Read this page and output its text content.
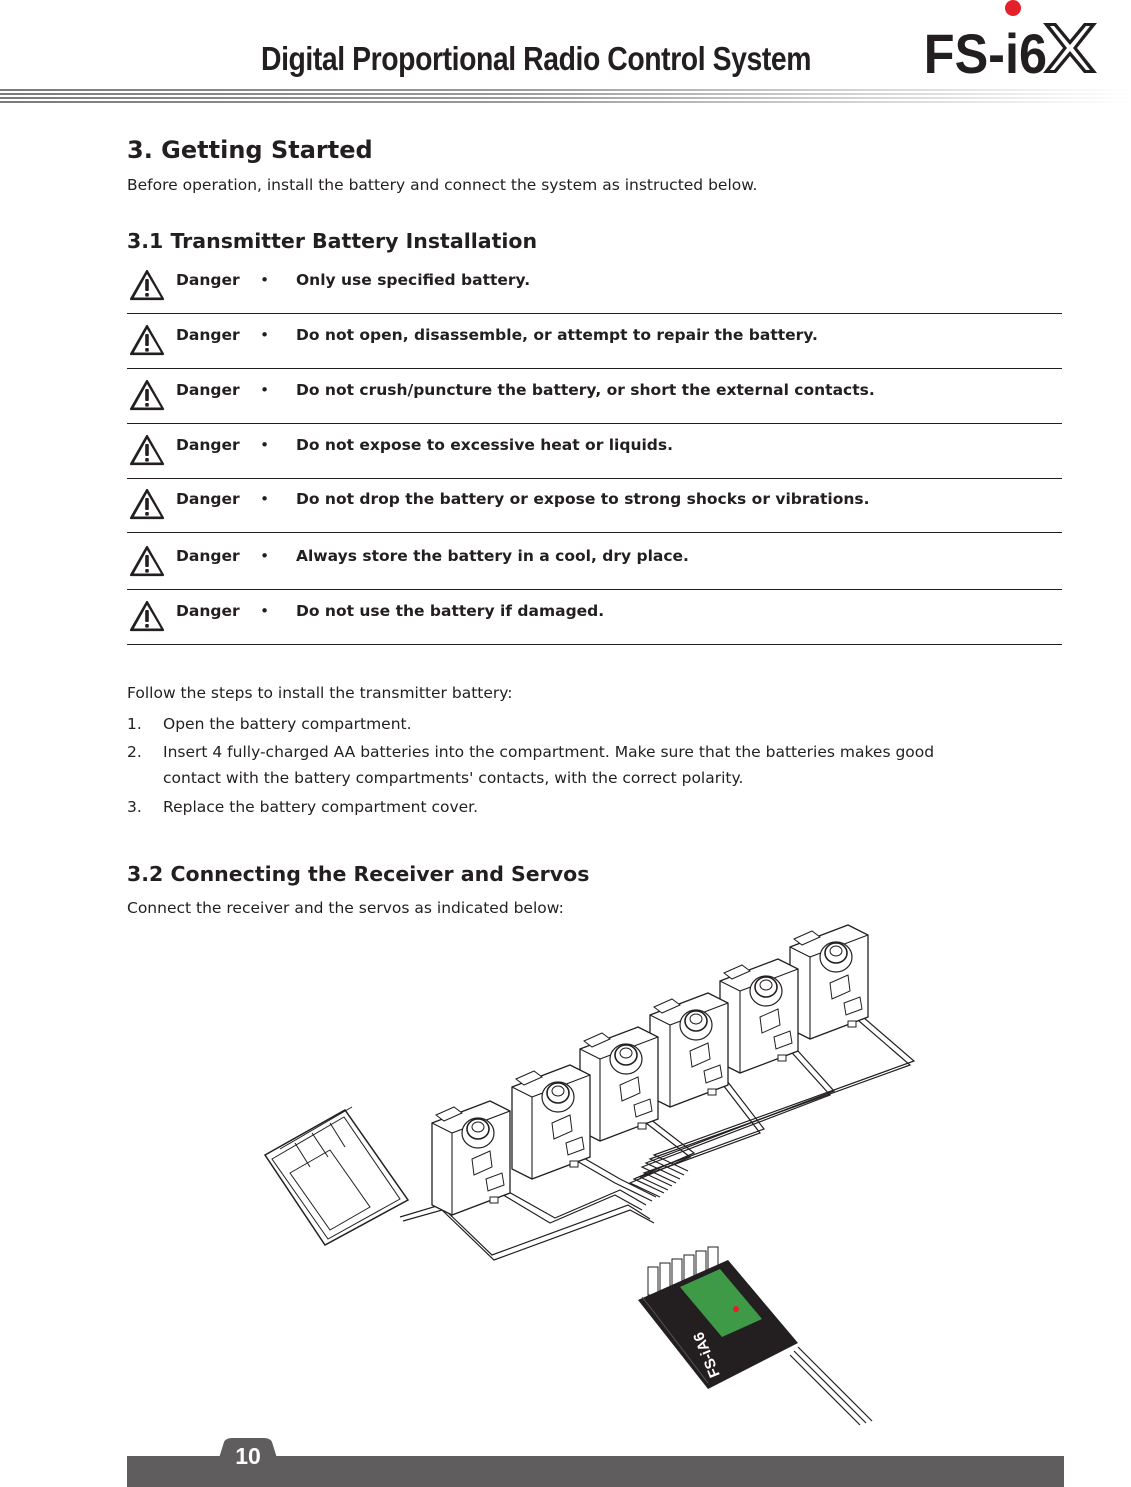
Digital Proportional Radio Control System FS-i6
3. Getting Started

Before operation, install the battery and connect the system as instructed below.

3.1 Transmitter Battery Installation
Danger • Only use specified battery.
Danger • Do not open, disassemble, or attempt to repair the battery.
Danger • Do not crush/puncture the battery, or short the external contacts.
Danger • Do not expose to excessive heat or liquids.
Danger • Do not drop the battery or expose to strong shocks or vibrations.
Danger • Always store the battery in a cool, dry place.
Danger • Do not use the battery if damaged.

Follow the steps to install the transmitter battery:

1. Open the battery compartment.
2. Insert 4 fully-charged AA batteries into the compartment. Make sure that the batteries makes good
contact with the battery compartments' contacts, with the correct polarity.
3. Replace the battery compartment cover.
3.2 Connecting the Receiver and Servos

Connect the receiver and the servos as indicated below:

FS-iA6
10
